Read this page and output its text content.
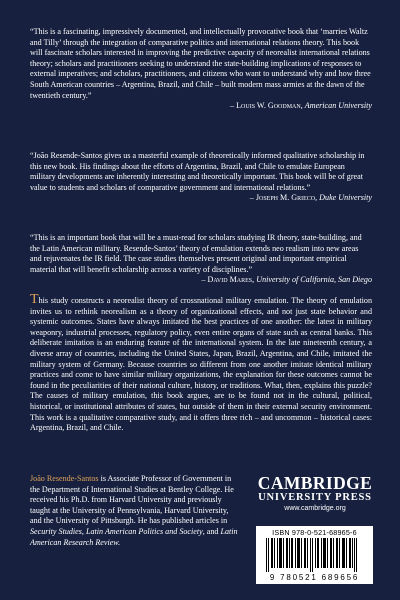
“This is a fascinating, impressively documented, and intellectually provocative book that ‘marries Waltz and Tilly’ through the integration of comparative politics and international relations theory. This book will fascinate scholars interested in improving the predictive capacity of neorealist international relations theory; scholars and practitioners seeking to understand the state-building implications of responses to external imperatives; and scholars, practitioners, and citizens who want to understand why and how three South American countries – Argentina, Brazil, and Chile – built modern mass armies at the dawn of the twentieth century.”
– Louis W. Goodman, American University
“João Resende-Santos gives us a masterful example of theoretically informed qualitative scholarship in this new book. His findings about the efforts of Argentina, Brazil, and Chile to emulate European military developments are inherently interesting and theoretically important. This book will be of great value to students and scholars of comparative government and international relations.”
– Joseph M. Grieco, Duke University
“This is an important book that will be a must-read for scholars studying IR theory, state-building, and the Latin American military. Resende-Santos’ theory of emulation extends neo realism into new areas and rejuvenates the IR field. The case studies themselves present original and important empirical material that will benefit scholarship across a variety of disciplines.”
– David Mares, University of California, San Diego
This study constructs a neorealist theory of crossnational military emulation. The theory of emulation invites us to rethink neorealism as a theory of organizational effects, and not just state behavior and systemic outcomes. States have always imitated the best practices of one another: the latest in military weaponry, industrial processes, regulatory policy, even entire organs of state such as central banks. This deliberate imitation is an enduring feature of the international system. In the late nineteenth century, a diverse array of countries, including the United States, Japan, Brazil, Argentina, and Chile, imitated the military system of Germany. Because countries so different from one another imitate identical military practices and come to have similar military organizations, the explanation for these outcomes cannot be found in the peculiarities of their national culture, history, or traditions. What, then, explains this puzzle? The causes of military emulation, this book argues, are to be found not in the cultural, political, historical, or institutional attributes of states, but outside of them in their external security environment. This work is a qualitative comparative study, and it offers three rich – and uncommon – historical cases: Argentina, Brazil, and Chile.
João Resende-Santos is Associate Professor of Government in the Department of International Studies at Bentley College. He received his Ph.D. from Harvard University and previously taught at the University of Pennsylvania, Harvard University, and the University of Pittsburgh. He has published articles in Security Studies, Latin American Politics and Society, and Latin American Research Review.
CAMBRIDGE
UNIVERSITY PRESS
www.cambridge.org
ISBN 978-0-521-68965-6
9 780521 689656
